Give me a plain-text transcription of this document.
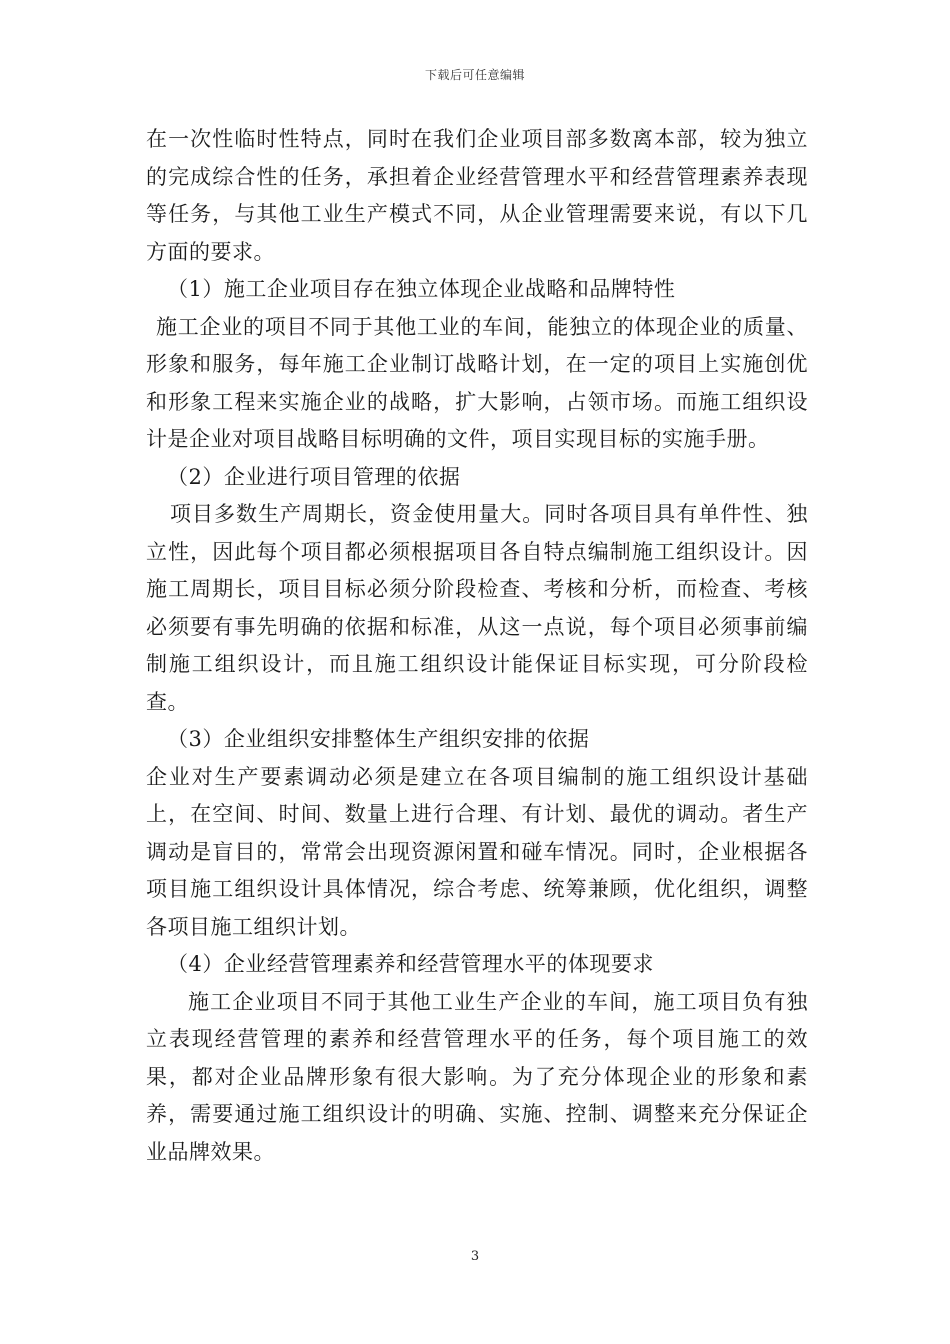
下载后可任意编辑

在一次性临时性特点，同时在我们企业项目部多数离本部，较为独立的完成综合性的任务，承担着企业经营管理水平和经营管理素养表现等任务，与其他工业生产模式不同，从企业管理需要来说，有以下几方面的要求。

（1）施工企业项目存在独立体现企业战略和品牌特性

施工企业的项目不同于其他工业的车间，能独立的体现企业的质量、形象和服务，每年施工企业制订战略计划，在一定的项目上实施创优和形象工程来实施企业的战略，扩大影响，占领市场。而施工组织设计是企业对项目战略目标明确的文件，项目实现目标的实施手册。

（2）企业进行项目管理的依据

项目多数生产周期长，资金使用量大。同时各项目具有单件性、独立性，因此每个项目都必须根据项目各自特点编制施工组织设计。因施工周期长，项目目标必须分阶段检查、考核和分析，而检查、考核必须要有事先明确的依据和标准，从这一点说，每个项目必须事前编制施工组织设计，而且施工组织设计能保证目标实现，可分阶段检查。

（3）企业组织安排整体生产组织安排的依据

企业对生产要素调动必须是建立在各项目编制的施工组织设计基础上，在空间、时间、数量上进行合理、有计划、最优的调动。者生产调动是盲目的，常常会出现资源闲置和碰车情况。同时，企业根据各项目施工组织设计具体情况，综合考虑、统筹兼顾，优化组织，调整各项目施工组织计划。

（4）企业经营管理素养和经营管理水平的体现要求

施工企业项目不同于其他工业生产企业的车间，施工项目负有独立表现经营管理的素养和经营管理水平的任务，每个项目施工的效果，都对企业品牌形象有很大影响。为了充分体现企业的形象和素养，需要通过施工组织设计的明确、实施、控制、调整来充分保证企业品牌效果。

3
